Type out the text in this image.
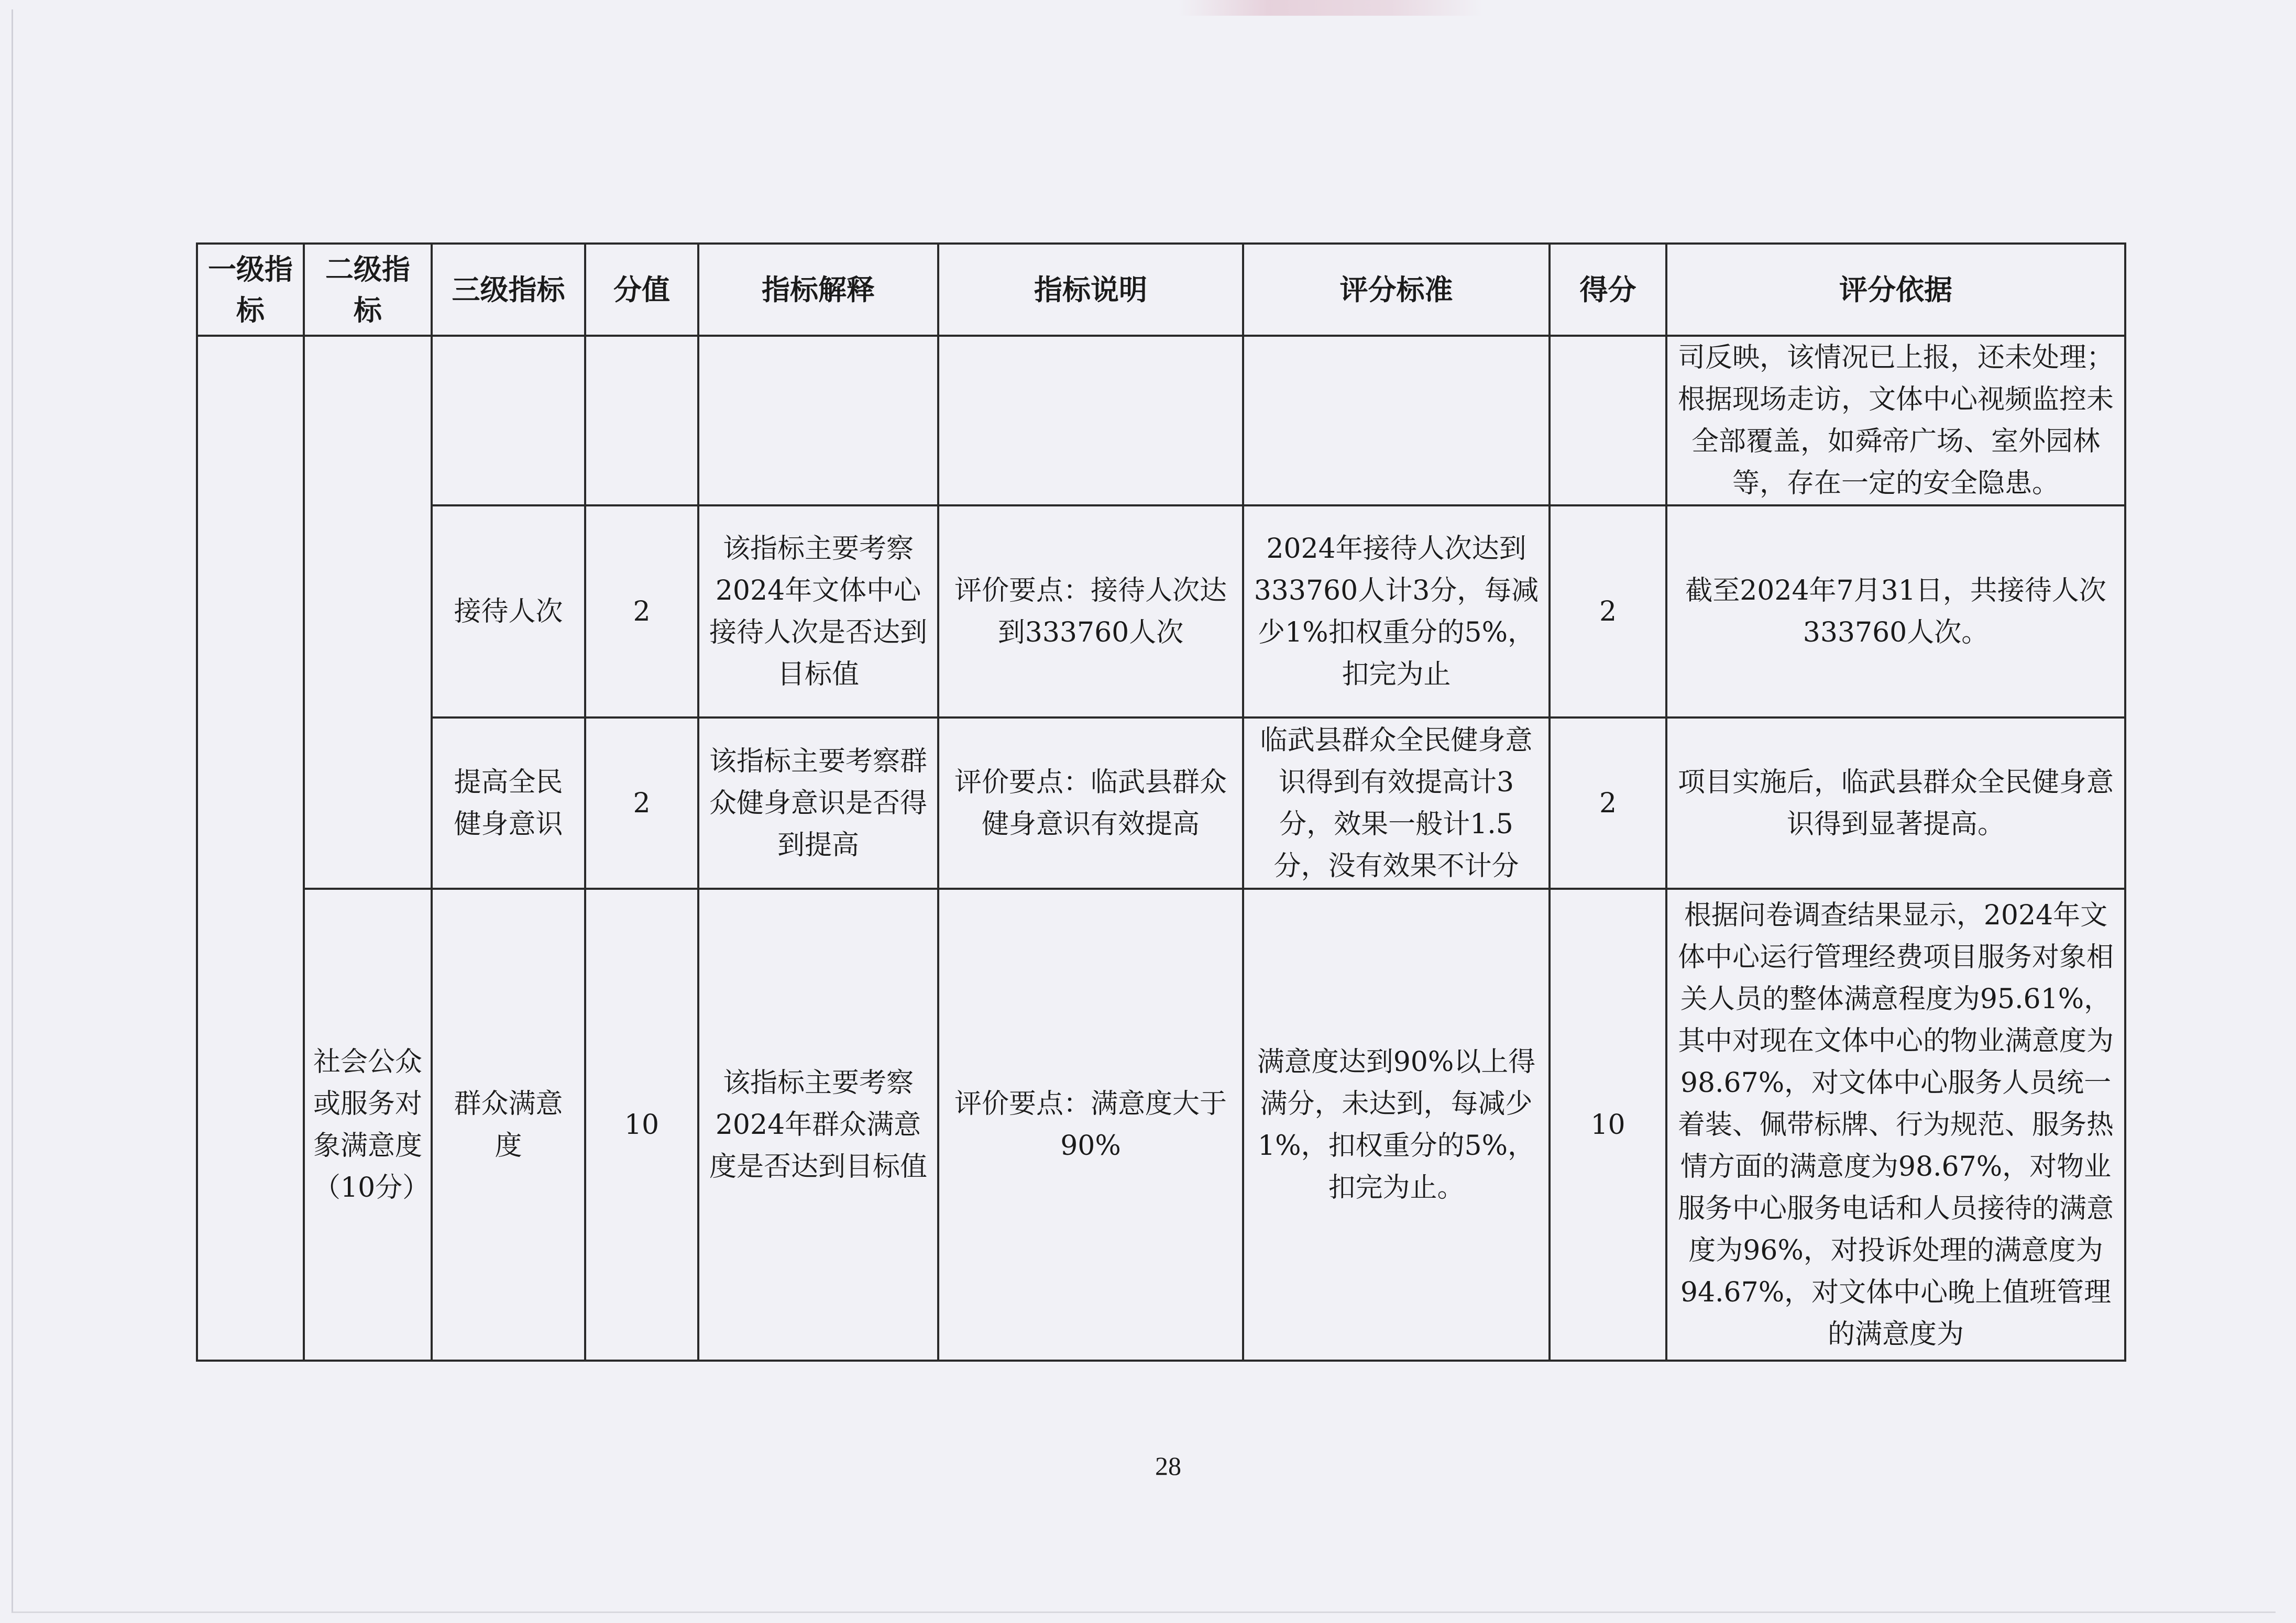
一级指标	二级指标	三级指标	分值	指标解释	指标说明	评分标准	得分	评分依据
								司反映，该情况已上报，还未处理；根据现场走访，文体中心视频监控未全部覆盖，如舜帝广场、室外园林等，存在一定的安全隐患。
		接待人次	2	该指标主要考察2024年文体中心接待人次是否达到目标值	评价要点：接待人次达到333760人次	2024年接待人次达到333760人计3分，每减少1%扣权重分的5%，扣完为止	2	截至2024年7月31日，共接待人次333760人次。
		提高全民健身意识	2	该指标主要考察群众健身意识是否得到提高	评价要点：临武县群众健身意识有效提高	临武县群众全民健身意识得到有效提高计3分，效果一般计1.5分，没有效果不计分	2	项目实施后，临武县群众全民健身意识得到显著提高。
	社会公众或服务对象满意度（10分）	群众满意度	10	该指标主要考察2024年群众满意度是否达到目标值	评价要点：满意度大于90%	满意度达到90%以上得满分，未达到，每减少1%，扣权重分的5%，扣完为止。	10	根据问卷调查结果显示，2024年文体中心运行管理经费项目服务对象相关人员的整体满意程度为95.61%，其中对现在文体中心的物业满意度为98.67%，对文体中心服务人员统一着装、佩带标牌、行为规范、服务热情方面的满意度为98.67%，对物业服务中心服务电话和人员接待的满意度为96%，对投诉处理的满意度为94.67%，对文体中心晚上值班管理的满意度为
28
